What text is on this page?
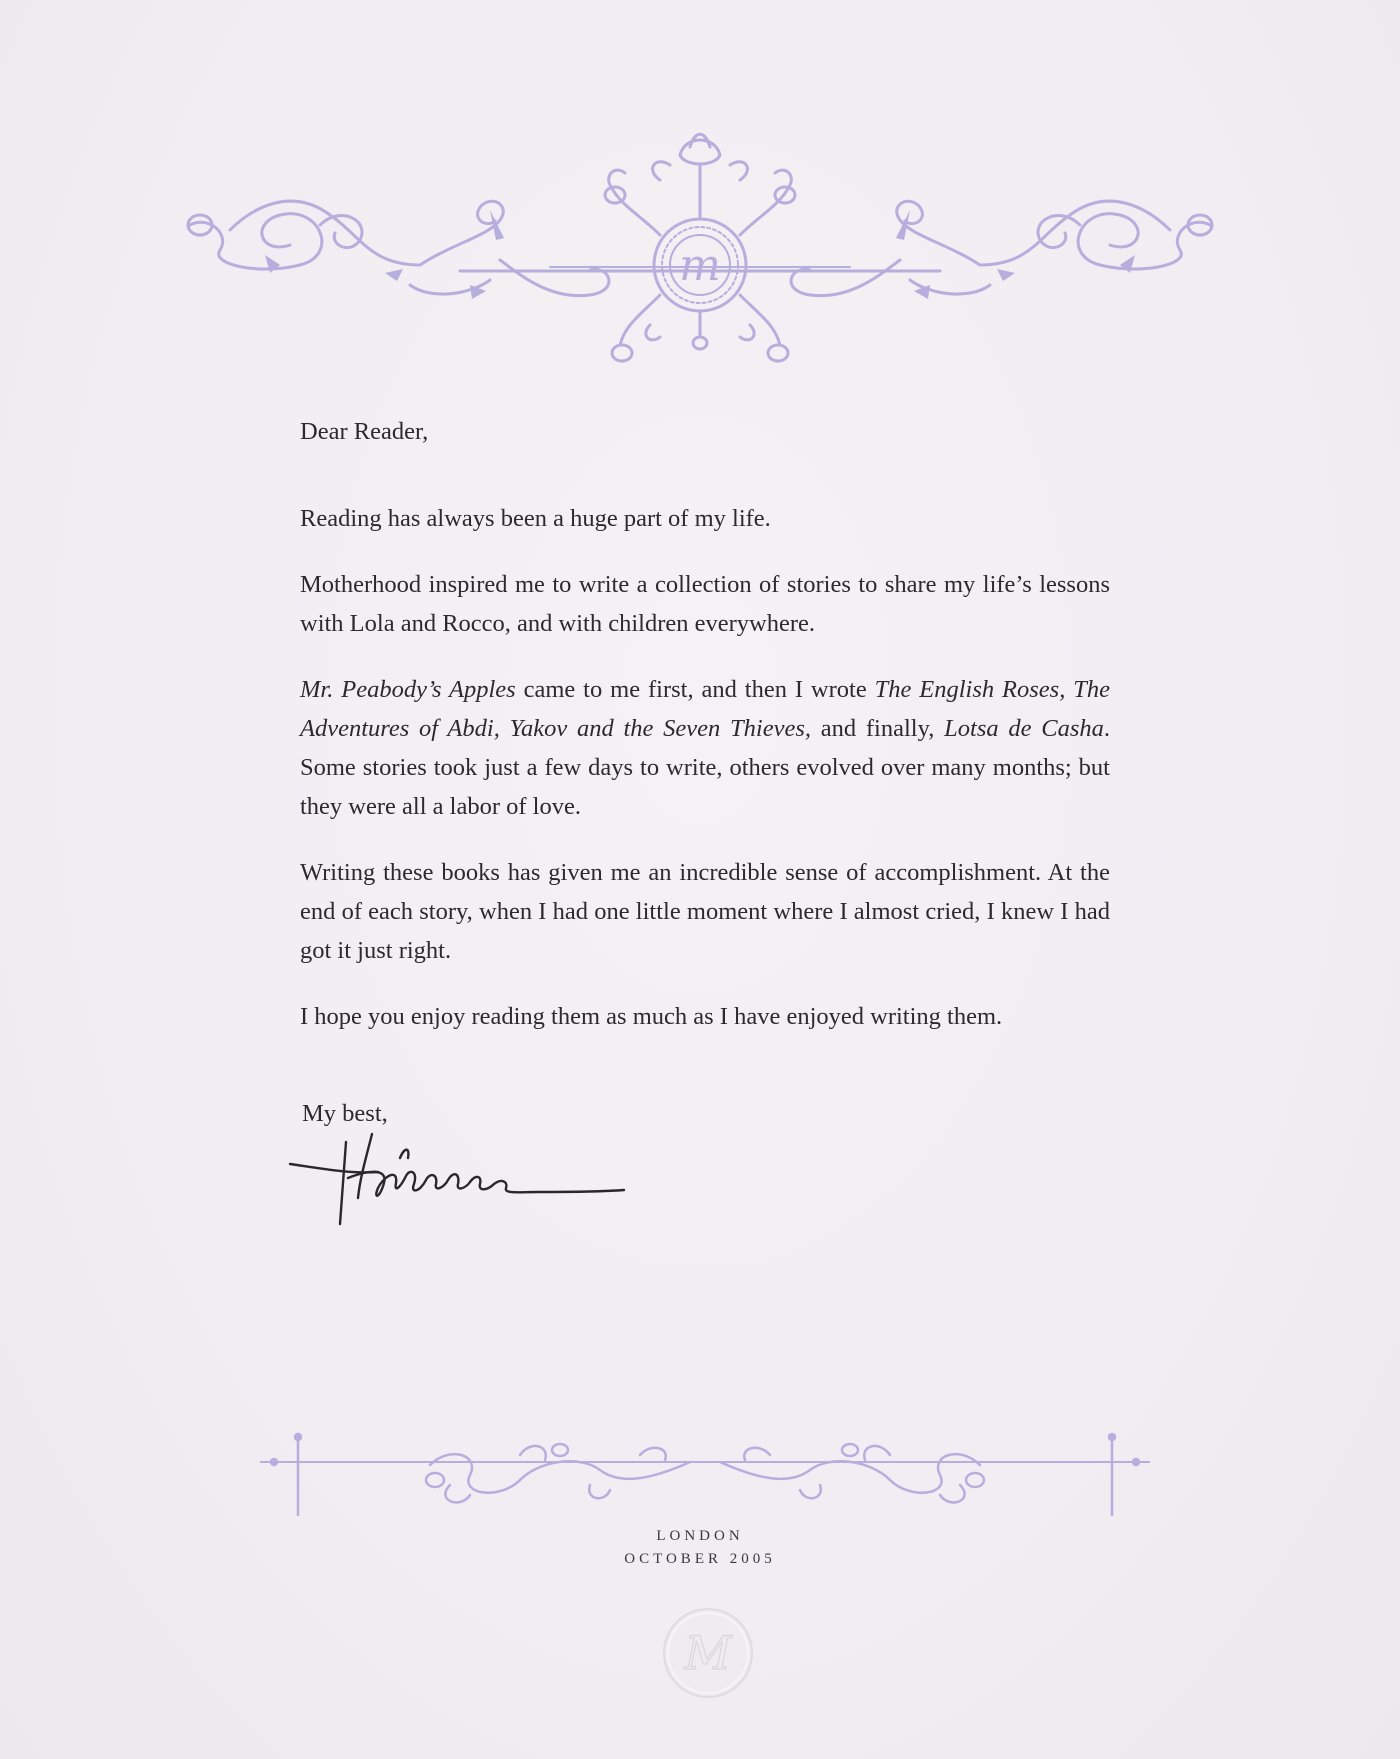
m

Dear Reader,

Reading has always been a huge part of my life.

Motherhood inspired me to write a collection of stories to share my life’s lessons with Lola and Rocco, and with children everywhere.

Mr. Peabody’s Apples came to me first, and then I wrote The English Roses, The Adventures of Abdi, Yakov and the Seven Thieves, and finally, Lotsa de Casha. Some stories took just a few days to write, others evolved over many months; but they were all a labor of love.

Writing these books has given me an incredible sense of accomplishment. At the end of each story, when I had one little moment where I almost cried, I knew I had got it just right.

I hope you enjoy reading them as much as I have enjoyed writing them.

My best,
LONDON
OCTOBER 2005
M
